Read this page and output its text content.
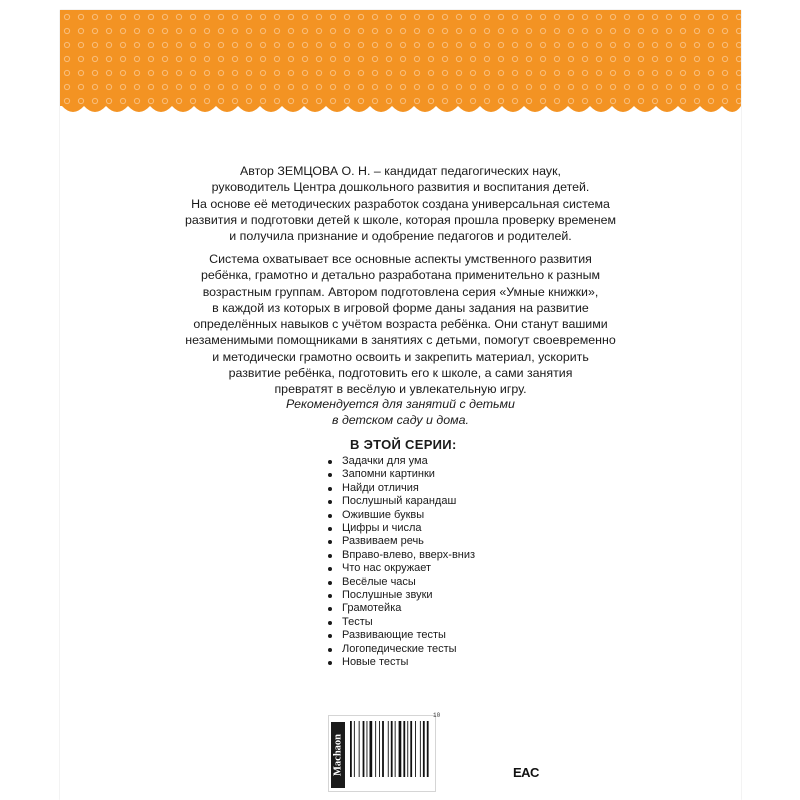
Автор ЗЕМЦОВА О. Н. – кандидат педагогических наук,
руководитель Центра дошкольного развития и воспитания детей.
На основе её методических разработок создана универсальная система
развития и подготовки детей к школе, которая прошла проверку временем
и получила признание и одобрение педагогов и родителей.
Система охватывает все основные аспекты умственного развития
ребёнка, грамотно и детально разработана применительно к разным
возрастным группам. Автором подготовлена серия «Умные книжки»,
в каждой из которых в игровой форме даны задания на развитие
определённых навыков с учётом возраста ребёнка. Они станут вашими
незаменимыми помощниками в занятиях с детьми, помогут своевременно
и методически грамотно освоить и закрепить материал, ускорить
развитие ребёнка, подготовить его к школе, а сами занятия
превратят в весёлую и увлекательную игру.
Рекомендуется для занятий с детьми
в детском саду и дома.
В ЭТОЙ СЕРИИ:
Задачки для ума
Запомни картинки
Найди отличия
Послушный карандаш
Ожившие буквы
Цифры и числа
Развиваем речь
Вправо-влево, вверх-вниз
Что нас окружает
Весёлые часы
Послушные звуки
Грамотейка
Тесты
Развивающие тесты
Логопедические тесты
Новые тесты
Machaon
10
EAC
